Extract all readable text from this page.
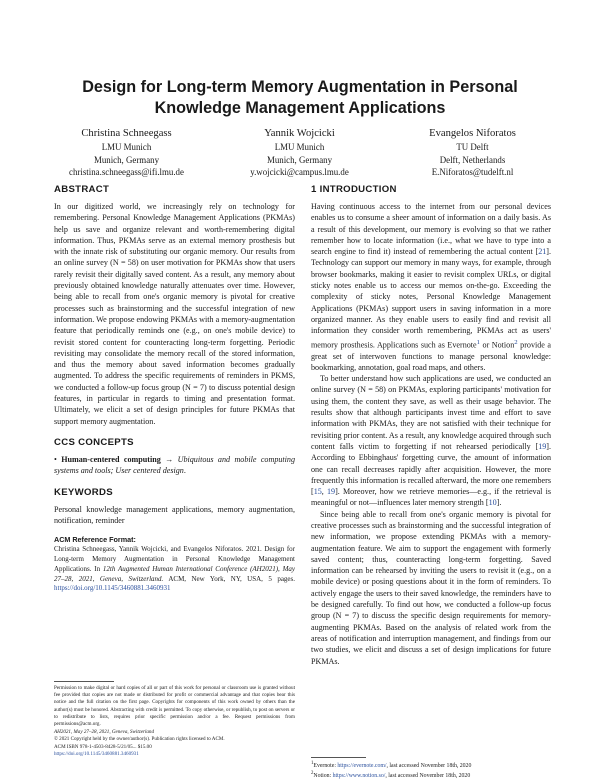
Design for Long-term Memory Augmentation in Personal Knowledge Management Applications
Christina Schneegass
LMU Munich
Munich, Germany
christina.schneegass@ifi.lmu.de
Yannik Wojcicki
LMU Munich
Munich, Germany
y.wojcicki@campus.lmu.de
Evangelos Niforatos
TU Delft
Delft, Netherlands
E.Niforatos@tudelft.nl
ABSTRACT

In our digitized world, we increasingly rely on technology for remembering. Personal Knowledge Management Applications (PKMAs) help us save and organize relevant and worth-remembering digital information. Thus, PKMAs serve as an external memory prosthesis but with the innate risk of substituting our organic memory. Our results from an online survey (N = 58) on user motivation for PKMAs show that users rarely revisit their digitally saved content. As a result, any memory about previously obtained knowledge naturally attenuates over time. However, being able to recall from one's organic memory is pivotal for creative processes such as brainstorming and the successful integration of new information. We propose endowing PKMAs with a memory-augmentation feature that periodically reminds one (e.g., on one's mobile device) to revisit stored content for counteracting long-term forgetting. Periodic revisiting may consolidate the memory recall of the stored information, and thus the memory about saved information becomes gradually augmented. To address the specific requirements of reminders in PKMS, we conducted a follow-up focus group (N = 7) to discuss potential design features, in particular in regards to timing and presentation format. Ultimately, we elicit a set of design principles for future PKMAs that support memory augmentation.

CCS CONCEPTS

• Human-centered computing → Ubiquitous and mobile computing systems and tools; User centered design.

KEYWORDS

Personal knowledge management applications, memory augmentation, notification, reminder

ACM Reference Format:

Christina Schneegass, Yannik Wojcicki, and Evangelos Niforatos. 2021. Design for Long-term Memory Augmentation in Personal Knowledge Management Applications. In 12th Augmented Human International Conference (AH2021), May 27–28, 2021, Geneva, Switzerland. ACM, New York, NY, USA, 5 pages. https://doi.org/10.1145/3460881.3460931

Permission to make digital or hard copies of all or part of this work for personal or classroom use is granted without fee provided that copies are not made or distributed for profit or commercial advantage and that copies bear this notice and the full citation on the first page. Copyrights for components of this work owned by others than the author(s) must be honored. Abstracting with credit is permitted. To copy otherwise, or republish, to post on servers or to redistribute to lists, requires prior specific permission and/or a fee. Request permissions from permissions@acm.org.
AH2021, May 27–28, 2021, Geneva, Switzerland
© 2021 Copyright held by the owner/author(s). Publication rights licensed to ACM.
ACM ISBN 978-1-4503-8428-5/21/05... $15.00
https://doi.org/10.1145/3460881.3460931
1 INTRODUCTION

Having continuous access to the internet from our personal devices enables us to consume a sheer amount of information on a daily basis. As a result of this development, our memory is evolving so that we rather remember how to locate information (i.e., what we have to type into a search engine to find it) instead of remembering the actual content [21]. Technology can support our memory in many ways, for example, through browser bookmarks, making it easier to revisit complex URLs, or digital sticky notes enable us to access our memos on-the-go. Exceeding the complexity of sticky notes, Personal Knowledge Management Applications (PKMAs) support users in saving information in a more organized manner. As they enable users to easily find and revisit all information they consider worth remembering, PKMAs act as users' memory prosthesis. Applications such as Evernote$^1$ or Notion$^2$ provide a great set of interwoven functions to manage personal knowledge: bookmarking, annotation, goal road maps, and others.

To better understand how such applications are used, we conducted an online survey (N = 58) on PKMAs, exploring participants' motivation for using them, the content they save, as well as their usage behavior. The results show that although participants invest time and effort to save information with PKMAs, they are not satisfied with their technique for revisiting prior content. As a result, any knowledge acquired through such content falls victim to forgetting if not rehearsed periodically [19]. According to Ebbinghaus' forgetting curve, the amount of information one can recall decreases rapidly after acquisition. However, the more frequently this information is recalled afterward, the more one remembers [15, 19]. Moreover, how we retrieve memories—e.g., if the retrieval is meaningful or not—influences later memory strength [10].

Since being able to recall from one's organic memory is pivotal for creative processes such as brainstorming and the successful integration of new information, we propose extending PKMAs with a memory-augmentation feature. We aim to support the engagement with formerly saved content; thus, counteracting long-term forgetting. Saved information can be rehearsed by inviting the users to revisit it (e.g., on a mobile device) or posing questions about it in the form of reminders. To actively engage the users to their saved knowledge, the reminders have to be designed carefully. To find out how, we conducted a follow-up focus group (N = 7) to discuss the specific design requirements for memory-augmenting PKMAs. Based on the analysis of related work from the areas of notification and interruption management, and findings from our two studies, we elicit and discuss a set of design implications for future PKMAs.

$^1$Evernote: https://evernote.com/, last accessed November 18th, 2020
$^2$Notion: https://www.notion.so/, last accessed November 18th, 2020
